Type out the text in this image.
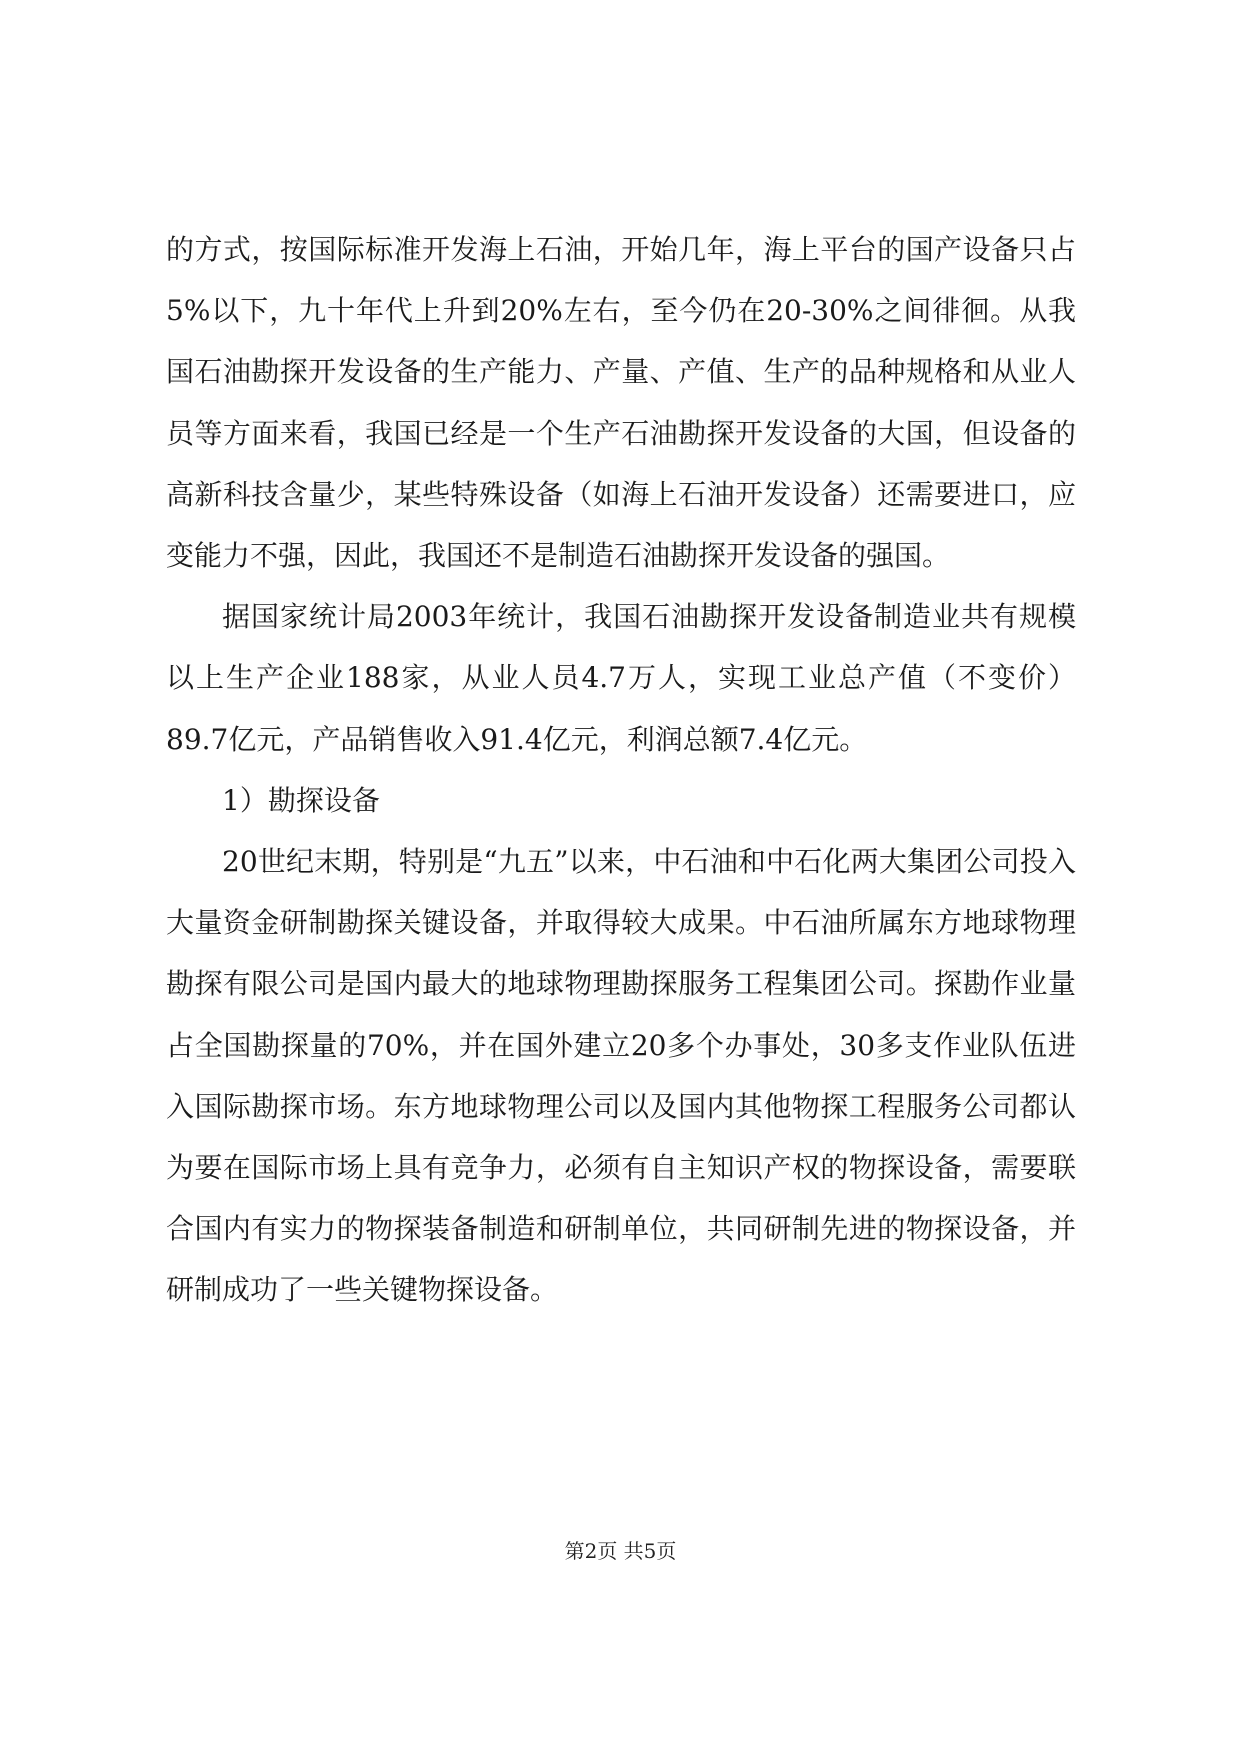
的方式，按国际标准开发海上石油，开始几年，海上平台的国产设备只占5%以下，九十年代上升到20%左右，至今仍在20-30%之间徘徊。从我国石油勘探开发设备的生产能力、产量、产值、生产的品种规格和从业人员等方面来看，我国已经是一个生产石油勘探开发设备的大国，但设备的高新科技含量少，某些特殊设备（如海上石油开发设备）还需要进口，应变能力不强，因此，我国还不是制造石油勘探开发设备的强国。

据国家统计局2003年统计，我国石油勘探开发设备制造业共有规模以上生产企业188家，从业人员4.7万人，实现工业总产值（不变价）89.7亿元，产品销售收入91.4亿元，利润总额7.4亿元。

1）勘探设备

20世纪末期，特别是“九五”以来，中石油和中石化两大集团公司投入大量资金研制勘探关键设备，并取得较大成果。中石油所属东方地球物理勘探有限公司是国内最大的地球物理勘探服务工程集团公司。探勘作业量占全国勘探量的70%，并在国外建立20多个办事处，30多支作业队伍进入国际勘探市场。东方地球物理公司以及国内其他物探工程服务公司都认为要在国际市场上具有竞争力，必须有自主知识产权的物探设备，需要联合国内有实力的物探装备制造和研制单位，共同研制先进的物探设备，并研制成功了一些关键物探设备。

第2页 共5页
